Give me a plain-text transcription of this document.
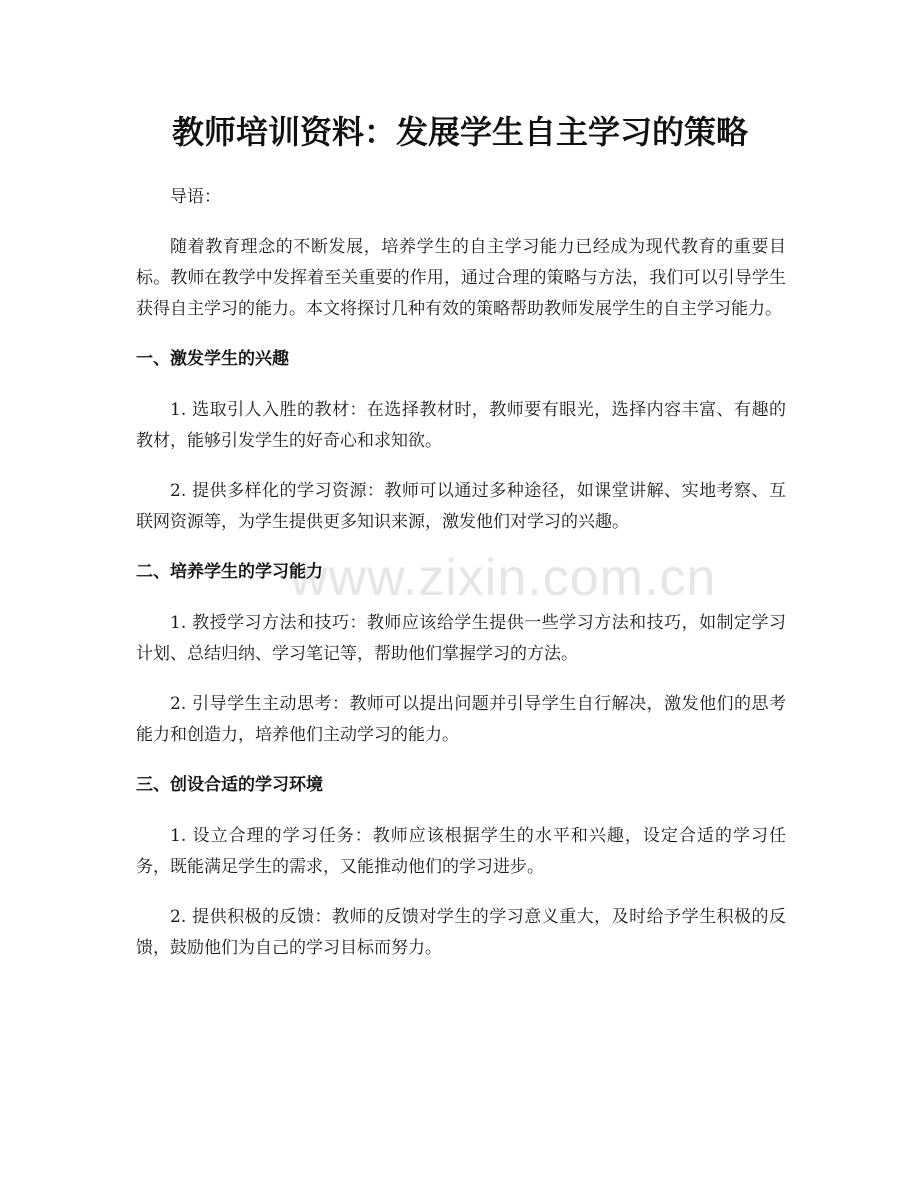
教师培训资料：发展学生自主学习的策略
www.zixin.com.cn

导语：

随着教育理念的不断发展，培养学生的自主学习能力已经成为现代教育的重要目标。教师在教学中发挥着至关重要的作用，通过合理的策略与方法，我们可以引导学生获得自主学习的能力。本文将探讨几种有效的策略帮助教师发展学生的自主学习能力。

一、激发学生的兴趣

1. 选取引人入胜的教材：在选择教材时，教师要有眼光，选择内容丰富、有趣的教材，能够引发学生的好奇心和求知欲。

2. 提供多样化的学习资源：教师可以通过多种途径，如课堂讲解、实地考察、互联网资源等，为学生提供更多知识来源，激发他们对学习的兴趣。

二、培养学生的学习能力

1. 教授学习方法和技巧：教师应该给学生提供一些学习方法和技巧，如制定学习计划、总结归纳、学习笔记等，帮助他们掌握学习的方法。

2. 引导学生主动思考：教师可以提出问题并引导学生自行解决，激发他们的思考能力和创造力，培养他们主动学习的能力。

三、创设合适的学习环境

1. 设立合理的学习任务：教师应该根据学生的水平和兴趣，设定合适的学习任务，既能满足学生的需求，又能推动他们的学习进步。

2. 提供积极的反馈：教师的反馈对学生的学习意义重大，及时给予学生积极的反馈，鼓励他们为自己的学习目标而努力。
